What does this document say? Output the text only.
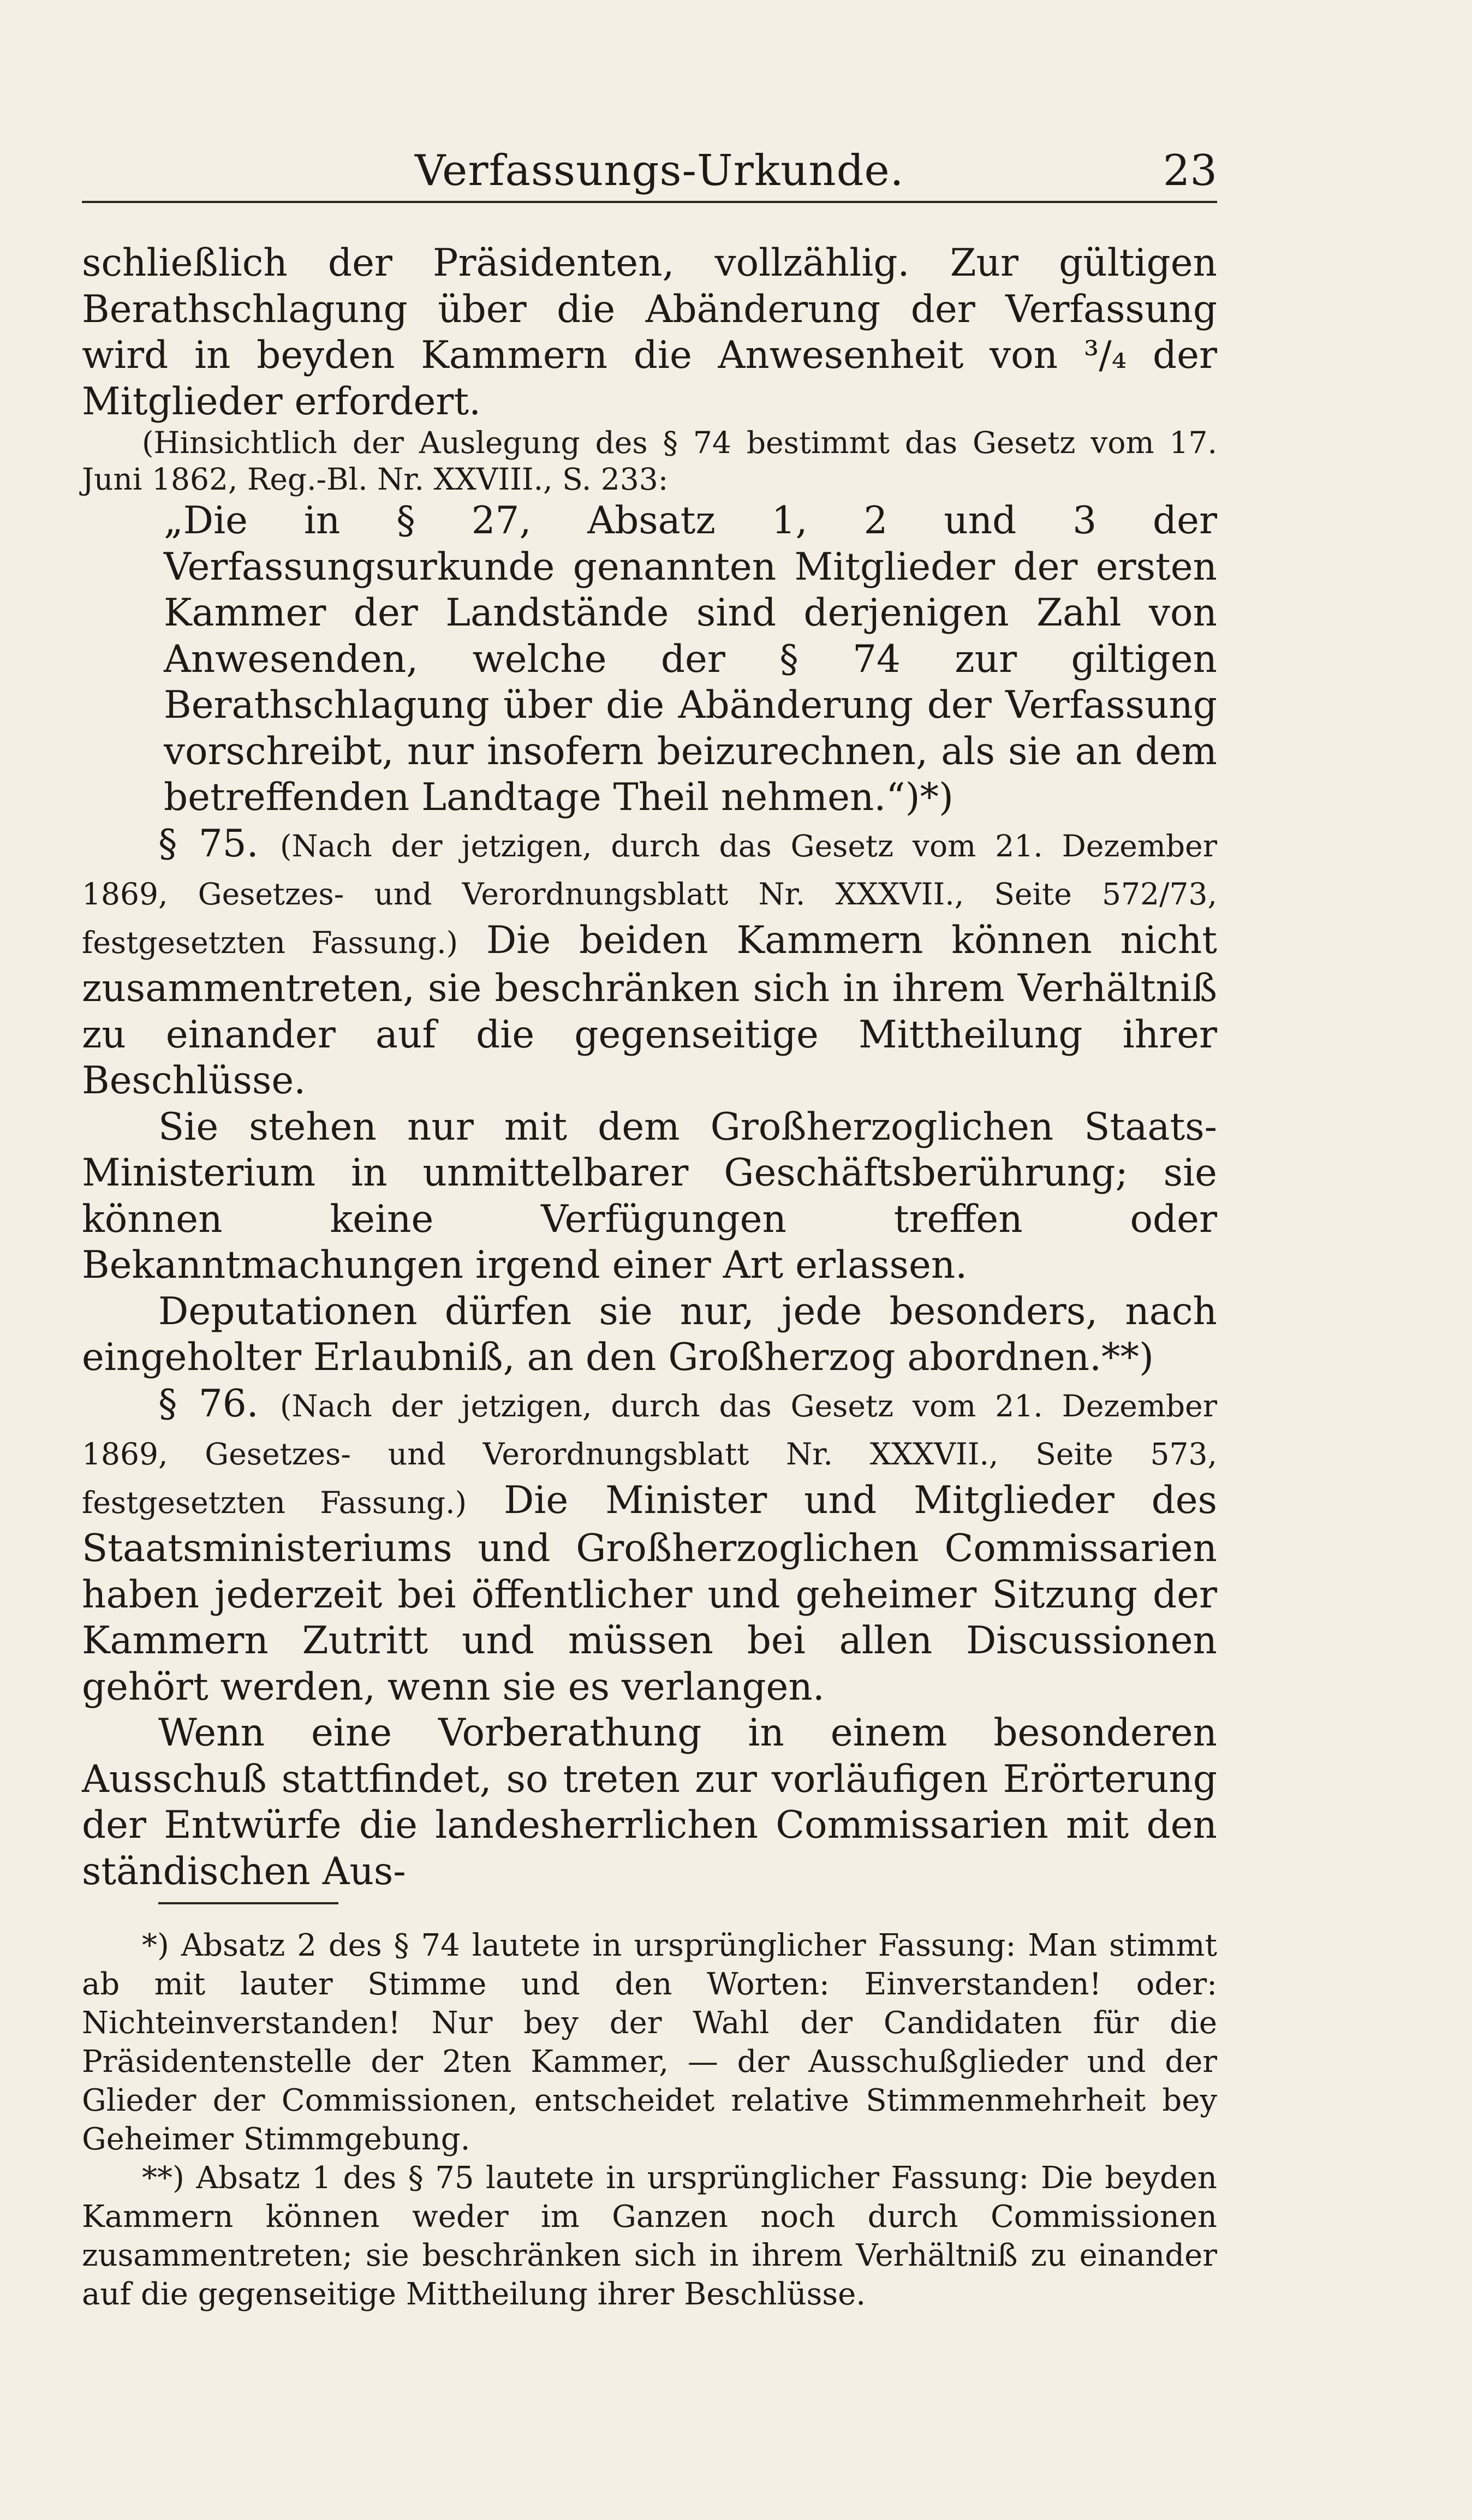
Verfassungs-Urkunde.	23

schließlich der Präsidenten, vollzählig. Zur gültigen Berathschlagung über die Abänderung der Verfassung wird in beyden Kammern die Anwesenheit von ³/₄ der Mitglieder erfordert.

(Hinsichtlich der Auslegung des § 74 bestimmt das Gesetz vom 17. Juni 1862, Reg.-Bl. Nr. XXVIII., S. 233:

„Die in § 27, Absatz 1, 2 und 3 der Verfassungsurkunde genannten Mitglieder der ersten Kammer der Landstände sind derjenigen Zahl von Anwesenden, welche der § 74 zur giltigen Berathschlagung über die Abänderung der Verfassung vorschreibt, nur insofern beizurechnen, als sie an dem betreffenden Landtage Theil nehmen.“)*)

§ 75. (Nach der jetzigen, durch das Gesetz vom 21. Dezember 1869, Gesetzes- und Verordnungsblatt Nr. XXXVII., Seite 572/73, festgesetzten Fassung.) Die beiden Kammern können nicht zusammentreten, sie beschränken sich in ihrem Verhältniß zu einander auf die gegenseitige Mittheilung ihrer Beschlüsse.

Sie stehen nur mit dem Großherzoglichen Staats-Ministerium in unmittelbarer Geschäftsberührung; sie können keine Verfügungen treffen oder Bekanntmachungen irgend einer Art erlassen.

Deputationen dürfen sie nur, jede besonders, nach eingeholter Erlaubniß, an den Großherzog abordnen.**)

§ 76. (Nach der jetzigen, durch das Gesetz vom 21. Dezember 1869, Gesetzes- und Verordnungsblatt Nr. XXXVII., Seite 573, festgesetzten Fassung.) Die Minister und Mitglieder des Staatsministeriums und Großherzoglichen Commissarien haben jederzeit bei öffentlicher und geheimer Sitzung der Kammern Zutritt und müssen bei allen Discussionen gehört werden, wenn sie es verlangen.

Wenn eine Vorberathung in einem besonderen Ausschuß stattfindet, so treten zur vorläufigen Erörterung der Entwürfe die landesherrlichen Commissarien mit den ständischen Aus-

*) Absatz 2 des § 74 lautete in ursprünglicher Fassung: Man stimmt ab mit lauter Stimme und den Worten: Einverstanden! oder: Nichteinverstanden! Nur bey der Wahl der Candidaten für die Präsidentenstelle der 2ten Kammer, — der Ausschußglieder und der Glieder der Commissionen, entscheidet relative Stimmenmehrheit bey Geheimer Stimmgebung.

**) Absatz 1 des § 75 lautete in ursprünglicher Fassung: Die beyden Kammern können weder im Ganzen noch durch Commissionen zusammentreten; sie beschränken sich in ihrem Verhältniß zu einander auf die gegenseitige Mittheilung ihrer Beschlüsse.
